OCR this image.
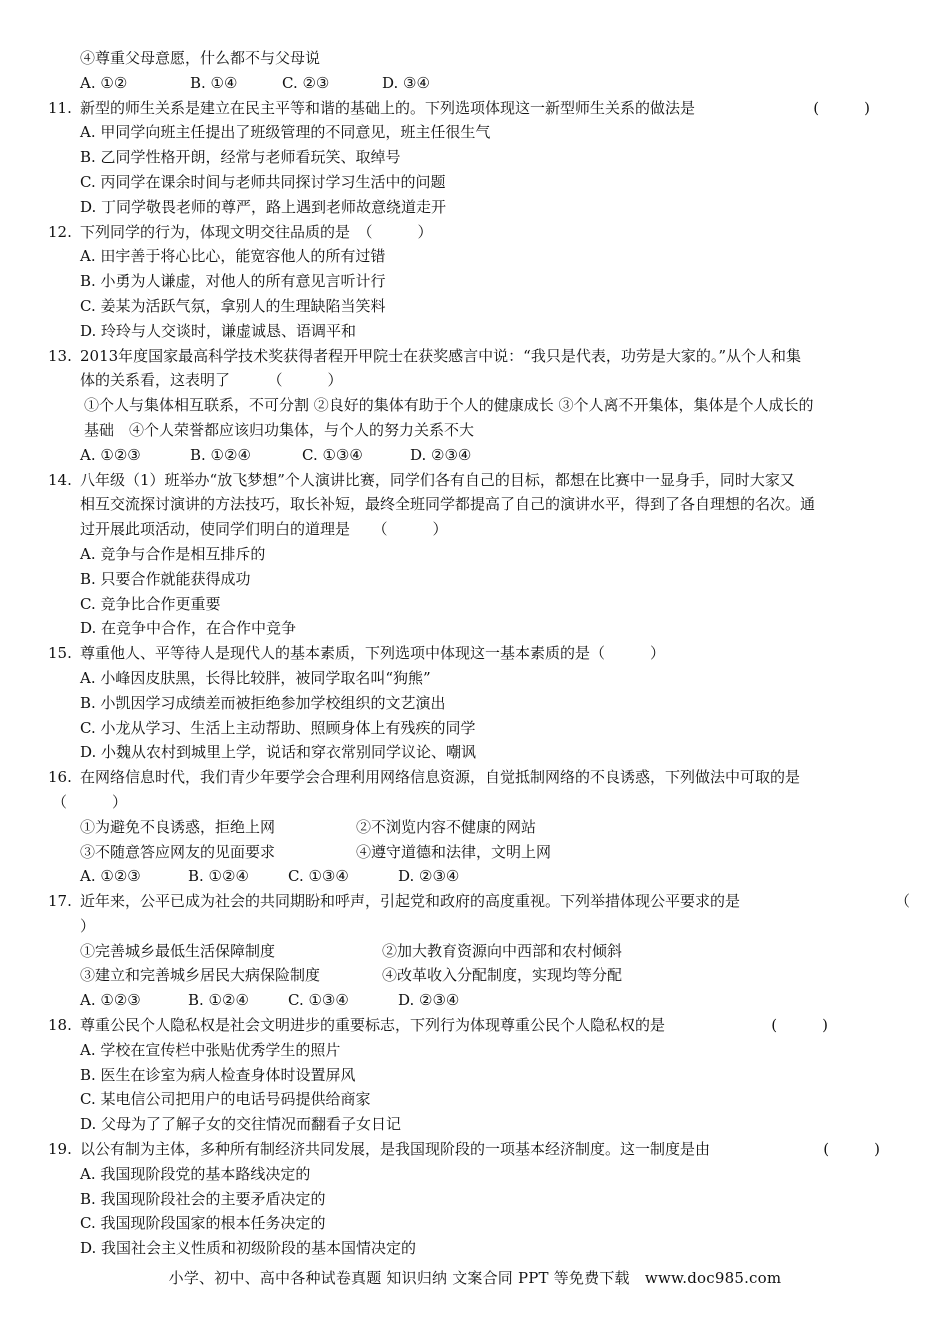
④尊重父母意愿，什么都不与父母说
A. ①②	B. ①④	C. ②③	D. ③④
11. 新型的师生关系是建立在民主平等和谐的基础上的。下列选项体现这一新型师生关系的做法是	(　　　)
A. 甲同学向班主任提出了班级管理的不同意见，班主任很生气
B. 乙同学性格开朗，经常与老师看玩笑、取绰号
C. 丙同学在课余时间与老师共同探讨学习生活中的问题
D. 丁同学敬畏老师的尊严，路上遇到老师故意绕道走开
12. 下列同学的行为，体现文明交往品质的是　（　　　）
A. 田宇善于将心比心，能宽容他人的所有过错
B. 小勇为人谦虚，对他人的所有意见言听计行
C. 姜某为活跃气氛，拿别人的生理缺陷当笑料
D. 玲玲与人交谈时，谦虚诚恳、语调平和
13. 2013年度国家最高科学技术奖获得者程开甲院士在获奖感言中说：“我只是代表，功劳是大家的。”从个人和集
体的关系看，这表明了　　　（　　　）
①个人与集体相互联系，不可分割 ②良好的集体有助于个人的健康成长 ③个人离不开集体，集体是个人成长的
基础　④个人荣誉都应该归功集体，与个人的努力关系不大
A. ①②③	B. ①②④	C. ①③④	D. ②③④
14. 八年级（1）班举办“放飞梦想”个人演讲比赛，同学们各有自己的目标，都想在比赛中一显身手，同时大家又
相互交流探讨演讲的方法技巧，取长补短，最终全班同学都提高了自己的演讲水平，得到了各自理想的名次。通
过开展此项活动，使同学们明白的道理是　　（　　　）
A. 竞争与合作是相互排斥的
B. 只要合作就能获得成功
C. 竞争比合作更重要
D. 在竞争中合作，在合作中竞争
15. 尊重他人、平等待人是现代人的基本素质，下列选项中体现这一基本素质的是（　　　）
A. 小峰因皮肤黑，长得比较胖，被同学取名叫“狗熊”
B. 小凯因学习成绩差而被拒绝参加学校组织的文艺演出
C. 小龙从学习、生活上主动帮助、照顾身体上有残疾的同学
D. 小魏从农村到城里上学，说话和穿衣常别同学议论、嘲讽
16. 在网络信息时代，我们青少年要学会合理利用网络信息资源，自觉抵制网络的不良诱惑，下列做法中可取的是
（　　　）
①为避免不良诱惑，拒绝上网	②不浏览内容不健康的网站
③不随意答应网友的见面要求	④遵守道德和法律，文明上网
A. ①②③	B. ①②④	C. ①③④	D. ②③④
17. 近年来，公平已成为社会的共同期盼和呼声，引起党和政府的高度重视。下列举措体现公平要求的是	（
）
①完善城乡最低生活保障制度	②加大教育资源向中西部和农村倾斜
③建立和完善城乡居民大病保险制度	④改革收入分配制度，实现均等分配
A. ①②③	B. ①②④	C. ①③④	D. ②③④
18. 尊重公民个人隐私权是社会文明进步的重要标志，下列行为体现尊重公民个人隐私权的是	(　　　)
A. 学校在宣传栏中张贴优秀学生的照片
B. 医生在诊室为病人检查身体时设置屏风
C. 某电信公司把用户的电话号码提供给商家
D. 父母为了了解子女的交往情况而翻看子女日记
19. 以公有制为主体，多种所有制经济共同发展，是我国现阶段的一项基本经济制度。这一制度是由	(　　　)
A. 我国现阶段党的基本路线决定的
B. 我国现阶段社会的主要矛盾决定的
C. 我国现阶段国家的根本任务决定的
D. 我国社会主义性质和初级阶段的基本国情决定的
小学、初中、高中各种试卷真题 知识归纳 文案合同 PPT 等免费下载　www.doc985.com
